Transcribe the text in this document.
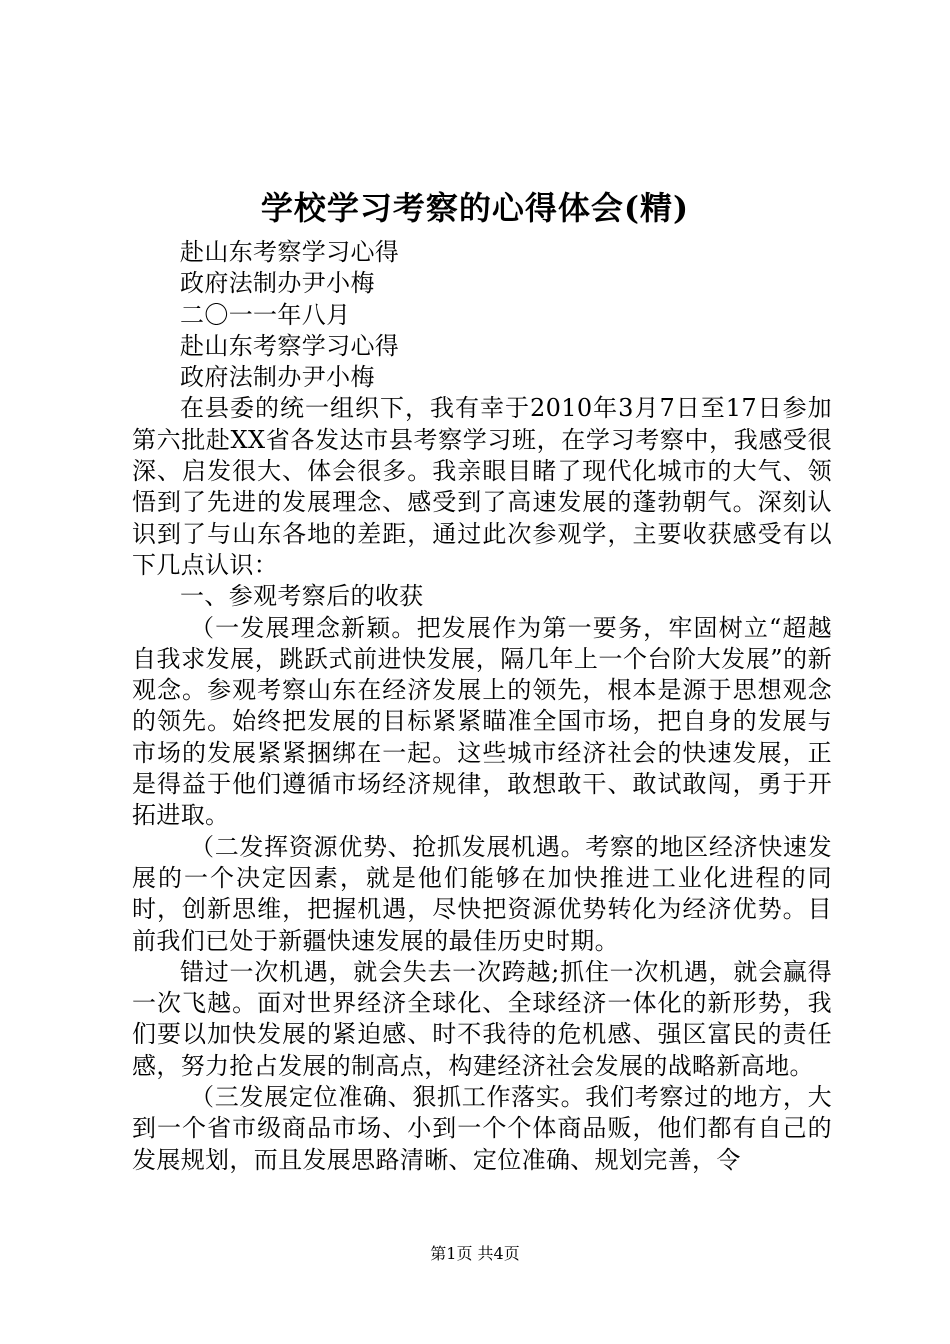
学校学习考察的心得体会(精)

赴山东考察学习心得

政府法制办尹小梅

二〇一一年八月

赴山东考察学习心得

政府法制办尹小梅

在县委的统一组织下，我有幸于2010年3月7日至17日参加第六批赴XX省各发达市县考察学习班，在学习考察中，我感受很深、启发很大、体会很多。我亲眼目睹了现代化城市的大气、领悟到了先进的发展理念、感受到了高速发展的蓬勃朝气。深刻认识到了与山东各地的差距，通过此次参观学，主要收获感受有以下几点认识：

一、参观考察后的收获

（一发展理念新颖。把发展作为第一要务，牢固树立“超越自我求发展，跳跃式前进快发展，隔几年上一个台阶大发展”的新观念。参观考察山东在经济发展上的领先，根本是源于思想观念的领先。始终把发展的目标紧紧瞄准全国市场，把自身的发展与市场的发展紧紧捆绑在一起。这些城市经济社会的快速发展，正是得益于他们遵循市场经济规律，敢想敢干、敢试敢闯，勇于开拓进取。

（二发挥资源优势、抢抓发展机遇。考察的地区经济快速发展的一个决定因素，就是他们能够在加快推进工业化进程的同时，创新思维，把握机遇，尽快把资源优势转化为经济优势。目前我们已处于新疆快速发展的最佳历史时期。

错过一次机遇，就会失去一次跨越;抓住一次机遇，就会赢得一次飞越。面对世界经济全球化、全球经济一体化的新形势，我们要以加快发展的紧迫感、时不我待的危机感、强区富民的责任感，努力抢占发展的制高点，构建经济社会发展的战略新高地。

（三发展定位准确、狠抓工作落实。我们考察过的地方，大到一个省市级商品市场、小到一个个体商品贩，他们都有自己的发展规划，而且发展思路清晰、定位准确、规划完善，令

第1页 共4页
